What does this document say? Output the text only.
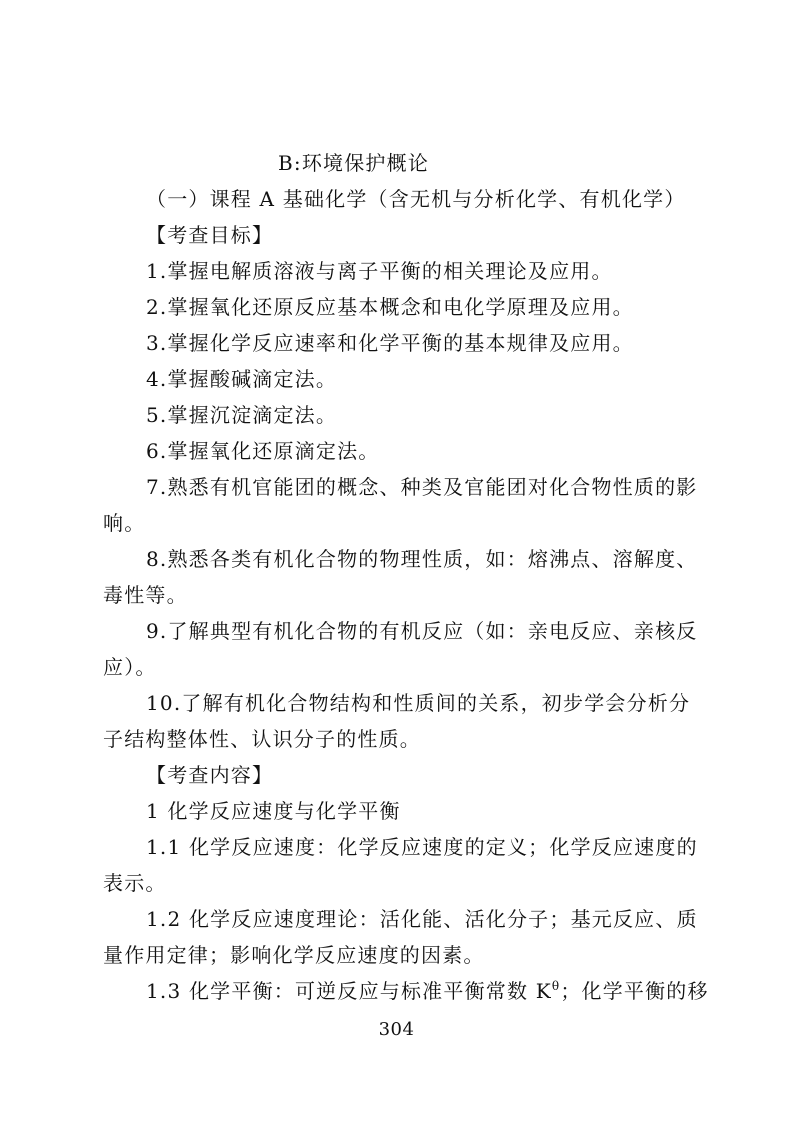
B:环境保护概论
（一）课程 A 基础化学（含无机与分析化学、有机化学）
【考查目标】
1.掌握电解质溶液与离子平衡的相关理论及应用。
2.掌握氧化还原反应基本概念和电化学原理及应用。
3.掌握化学反应速率和化学平衡的基本规律及应用。
4.掌握酸碱滴定法。
5.掌握沉淀滴定法。
6.掌握氧化还原滴定法。
7.熟悉有机官能团的概念、种类及官能团对化合物性质的影
响。
8.熟悉各类有机化合物的物理性质，如：熔沸点、溶解度、
毒性等。
9.了解典型有机化合物的有机反应（如：亲电反应、亲核反
应）。
10.了解有机化合物结构和性质间的关系，初步学会分析分
子结构整体性、认识分子的性质。
【考查内容】
1 化学反应速度与化学平衡
1.1 化学反应速度：化学反应速度的定义；化学反应速度的
表示。
1.2 化学反应速度理论：活化能、活化分子；基元反应、质
量作用定律；影响化学反应速度的因素。
1.3 化学平衡：可逆反应与标准平衡常数 $K^\theta$；化学平衡的移
304
